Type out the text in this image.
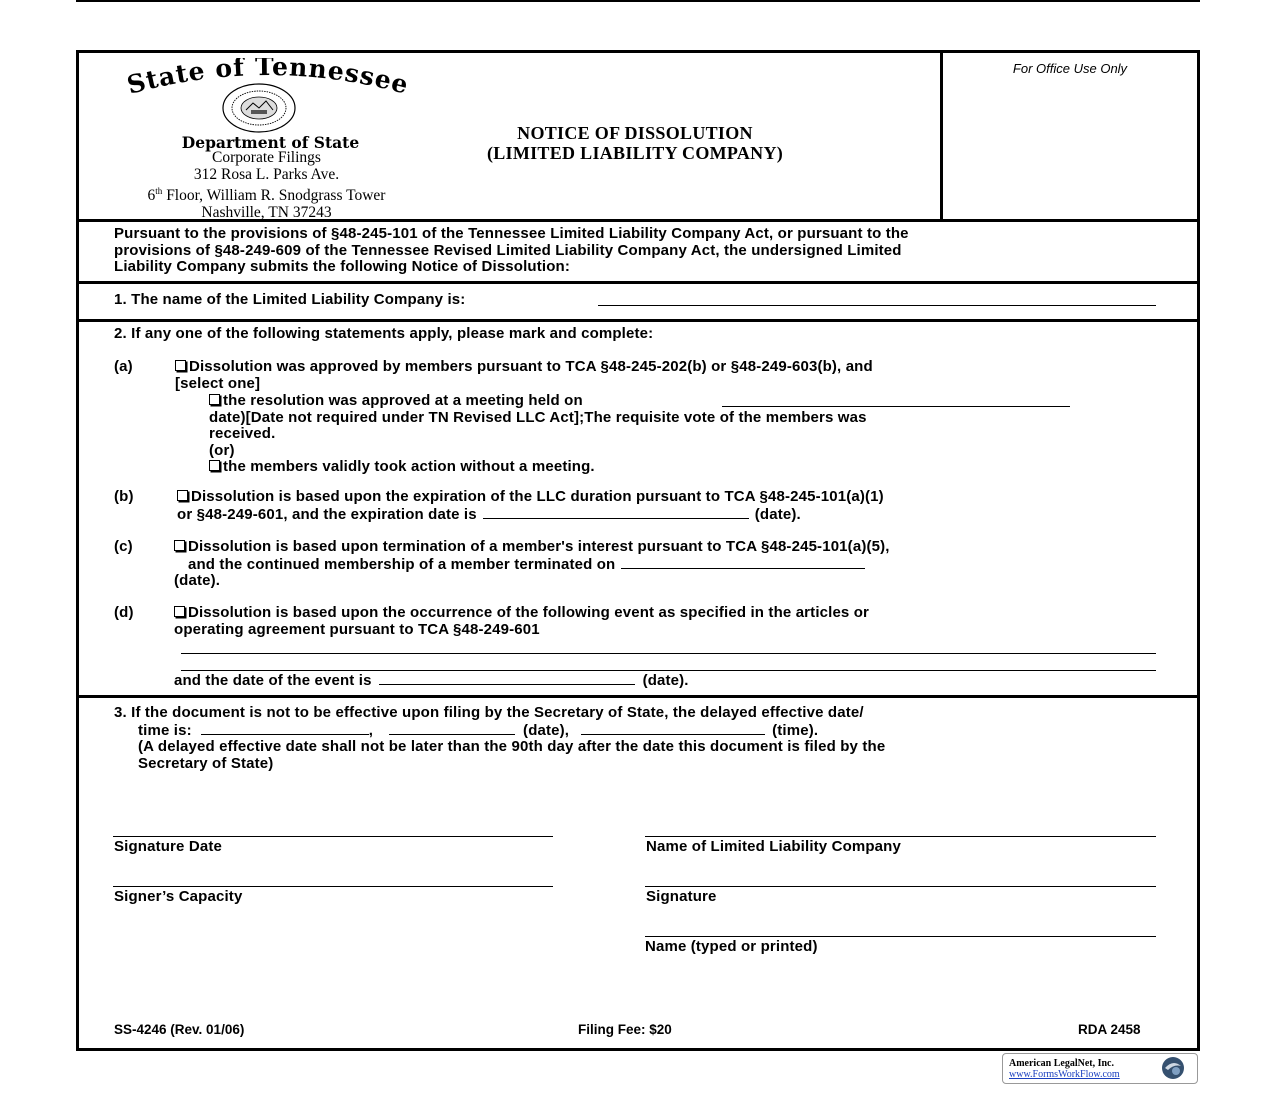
State of Tennessee
Department of State
Corporate Filings
312 Rosa L. Parks Ave.
6th Floor, William R. Snodgrass Tower
Nashville, TN 37243
NOTICE OF DISSOLUTION
(LIMITED LIABILITY COMPANY)
For Office Use Only
Pursuant to the provisions of §48-245-101 of the Tennessee Limited Liability Company Act, or pursuant to the
provisions of §48-249-609 of the Tennessee Revised Limited Liability Company Act, the undersigned Limited
Liability Company submits the following Notice of Dissolution:
1. The name of the Limited Liability Company is:
2. If any one of the following statements apply, please mark and complete:
(a)	Dissolution was approved by members pursuant to TCA §48-245-202(b) or §48-249-603(b), and
[select one]
the resolution was approved at a meeting held on
date)[Date not required under TN Revised LLC Act];The requisite vote of the members was
received.
(or)
the members validly took action without a meeting.
(b)	Dissolution is based upon the expiration of the LLC duration pursuant to TCA §48-245-101(a)(1)
or §48-249-601, and the expiration date is	(date).
(c)	Dissolution is based upon termination of a member's interest pursuant to TCA §48-245-101(a)(5),
and the continued membership of a member terminated on
(date).
(d)	Dissolution is based upon the occurrence of the following event as specified in the articles or
operating agreement pursuant to TCA §48-249-601
and the date of the event is	(date).
3. If the document is not to be effective upon filing by the Secretary of State, the delayed effective date/
time is:	,	(date),	(time).
(A delayed effective date shall not be later than the 90th day after the date this document is filed by the
Secretary of State)
Signature Date	Name of Limited Liability Company
Signer’s Capacity	Signature
Name (typed or printed)
SS-4246 (Rev. 01/06)	Filing Fee: $20	RDA 2458
American LegalNet, Inc.
www.FormsWorkFlow.com
